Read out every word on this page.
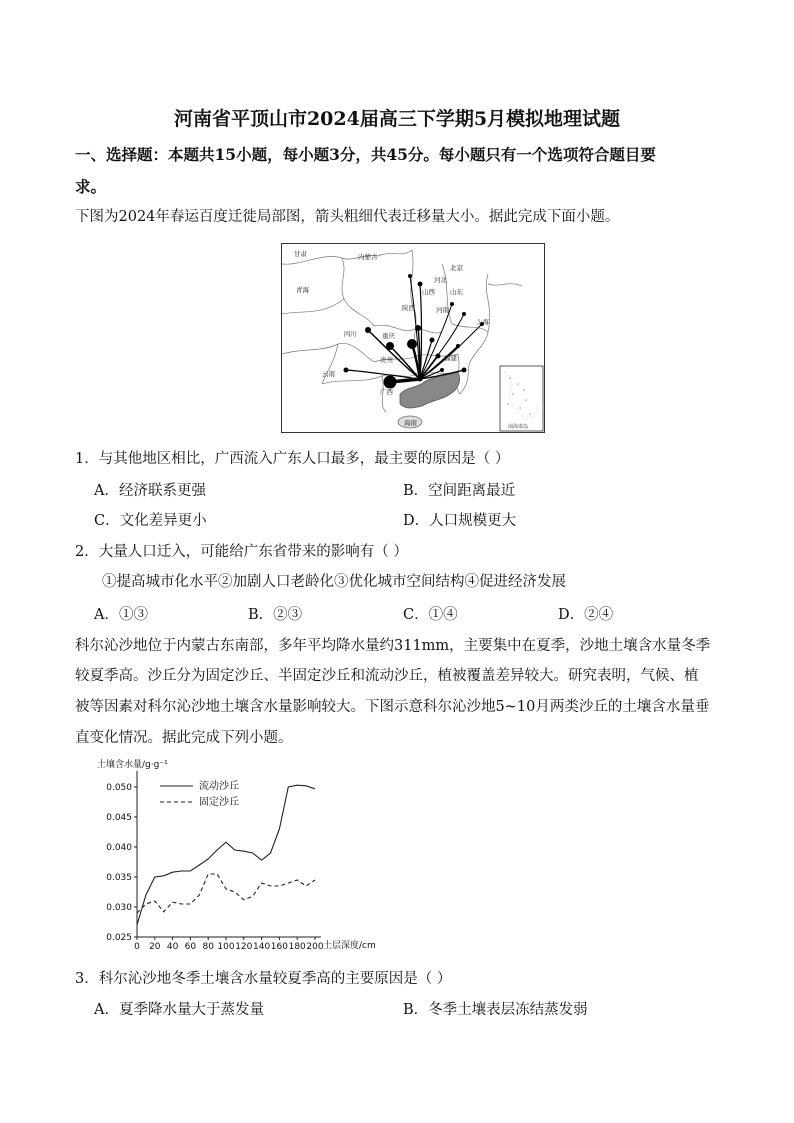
河南省平顶山市2024届高三下学期5月模拟地理试题
一、选择题：本题共15小题，每小题3分，共45分。每小题只有一个选项符合题目要
求。
下图为2024年春运百度迁徙局部图，箭头粗细代表迁移量大小。据此完成下面小题。
甘肃	内蒙古
北京
河北
青海	山西 山东
河南
陕西
四川
上海
重庆
贵州	福建
云南
广西
海南	南海诸岛
1．与其他地区相比，广西流入广东人口最多，最主要的原因是（ ）
A．经济联系更强	B．空间距离最近
C．文化差异更小	D．人口规模更大
2．大量人口迁入，可能给广东省带来的影响有（ ）
①提高城市化水平②加剧人口老龄化③优化城市空间结构④促进经济发展
A．①③	B．②③	C．①④	D．②④
科尔沁沙地位于内蒙古东南部，多年平均降水量约311mm，主要集中在夏季，沙地土壤含水量冬季
较夏季高。沙丘分为固定沙丘、半固定沙丘和流动沙丘，植被覆盖差异较大。研究表明，气候、植
被等因素对科尔沁沙地土壤含水量影响较大。下图示意科尔沁沙地5~10月两类沙丘的土壤含水量垂
直变化情况。据此完成下列小题。
土壤含水量/g·g⁻¹
0.025
0.030
0.035
0.040
0.045
0.050
0 20 40 60 80 100 120 140 160 180 200
流动沙丘
固定沙丘
土层深度/cm
3．科尔沁沙地冬季土壤含水量较夏季高的主要原因是（ ）
A．夏季降水量大于蒸发量	B．冬季土壤表层冻结蒸发弱
